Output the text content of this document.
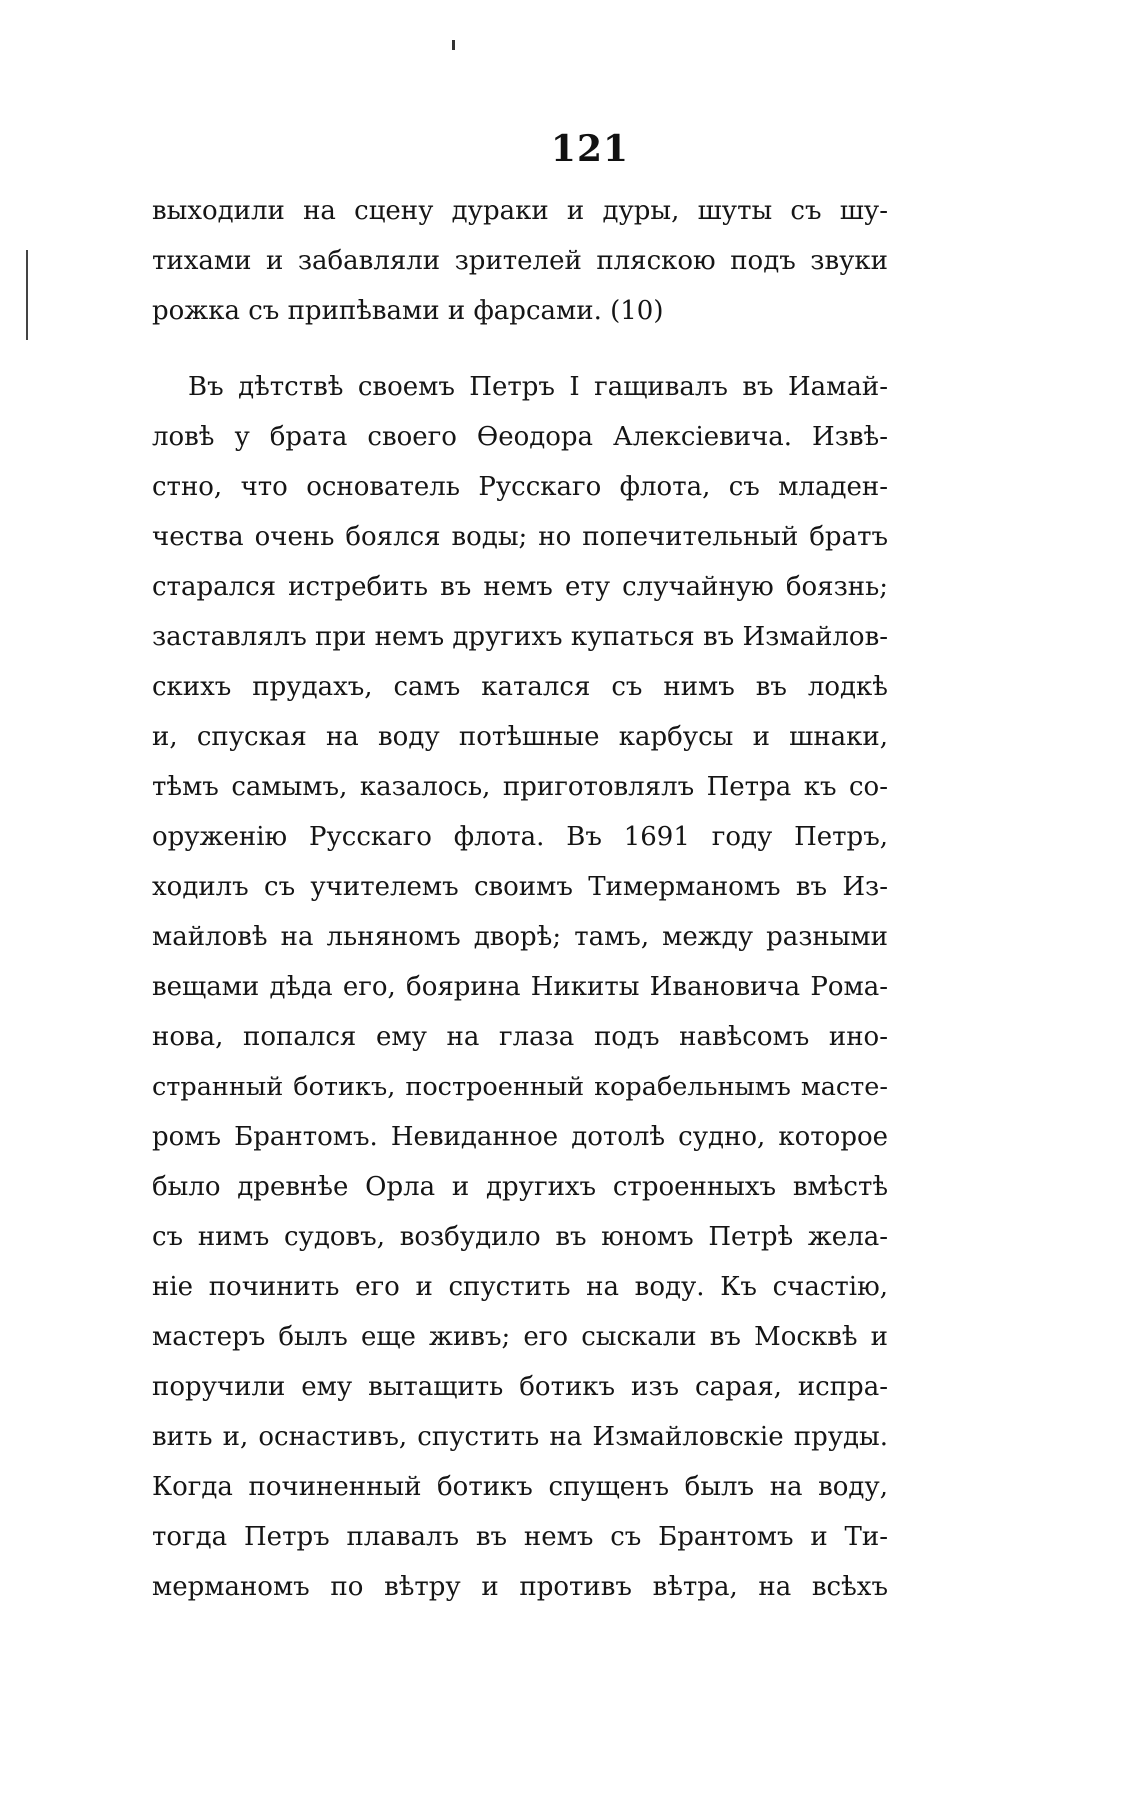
121
выходили на сцену дураки и дуры, шуты съ шу-
тихами и забавляли зрителей пляскою подъ звуки
рожка съ припѣвами и фарсами. (10)
Въ дѣтствѣ своемъ Петръ I гащивалъ въ Иамай-
ловѣ у брата своего Ѳеодора Алексіевича. Извѣ-
стно, что основатель Русскаго флота, съ младен-
чества очень боялся воды; но попечительный братъ
старался истребить въ немъ ету случайную боязнь;
заставлялъ при немъ другихъ купаться въ Измайлов-
скихъ прудахъ, самъ катался съ нимъ въ лодкѣ
и, спуская на воду потѣшные карбусы и шнаки,
тѣмъ самымъ, казалось, приготовлялъ Петра къ со-
оруженію Русскаго флота. Въ 1691 году Петръ,
ходилъ съ учителемъ своимъ Тимерманомъ въ Из-
майловѣ на льняномъ дворѣ; тамъ, между разными
вещами дѣда его, боярина Никиты Ивановича Рома-
нова, попался ему на глаза подъ навѣсомъ ино-
странный ботикъ, построенный корабельнымъ масте-
ромъ Брантомъ. Невиданное дотолѣ судно, которое
было древнѣе Орла и другихъ строенныхъ вмѣстѣ
съ нимъ судовъ, возбудило въ юномъ Петрѣ жела-
ніе починить его и спустить на воду. Къ счастію,
мастеръ былъ еще живъ; его сыскали въ Москвѣ и
поручили ему вытащить ботикъ изъ сарая, испра-
вить и, оснастивъ, спустить на Измайловскіе пруды.
Когда починенный ботикъ спущенъ былъ на воду,
тогда Петръ плавалъ въ немъ съ Брантомъ и Ти-
мерманомъ по вѣтру и противъ вѣтра, на всѣхъ
